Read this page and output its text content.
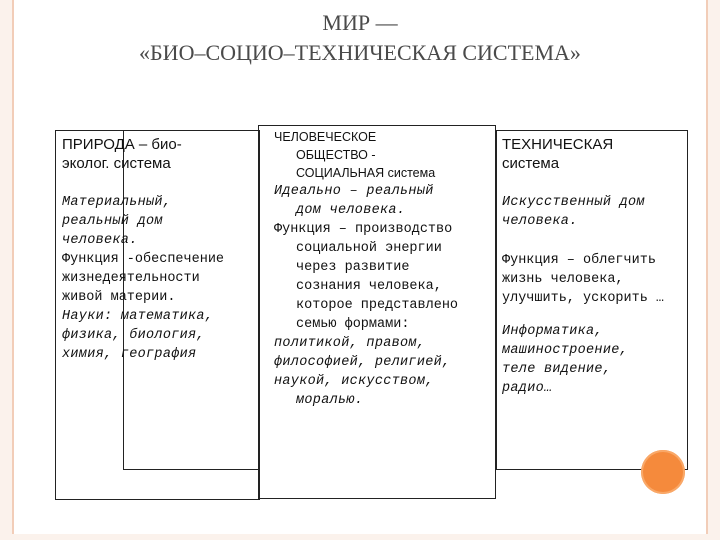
МИР —
«БИО–СОЦИО–ТЕХНИЧЕСКАЯ СИСТЕМА»

ПРИРОДА – био-

эколог. система

Материальный,

реальный дом

человека.

Функция -обеспечение

жизнедеятельности

живой материи.

Науки: математика,

физика, биология,

химия, география

ЧЕЛОВЕЧЕСКОЕ

ОБЩЕСТВО -

СОЦИАЛЬНАЯ система

Идеально – реальный

дом человека.

Функция – производство

социальной энергии

через развитие

сознания человека,

которое представлено

семью формами:

политикой, правом,

философией, религией,

наукой, искусством,

моралью.

ТЕХНИЧЕСКАЯ

система

Искусственный дом

человека.

Функция – облегчить

жизнь человека,

улучшить, ускорить …

Информатика,

машиностроение,

теле видение,

радио…
